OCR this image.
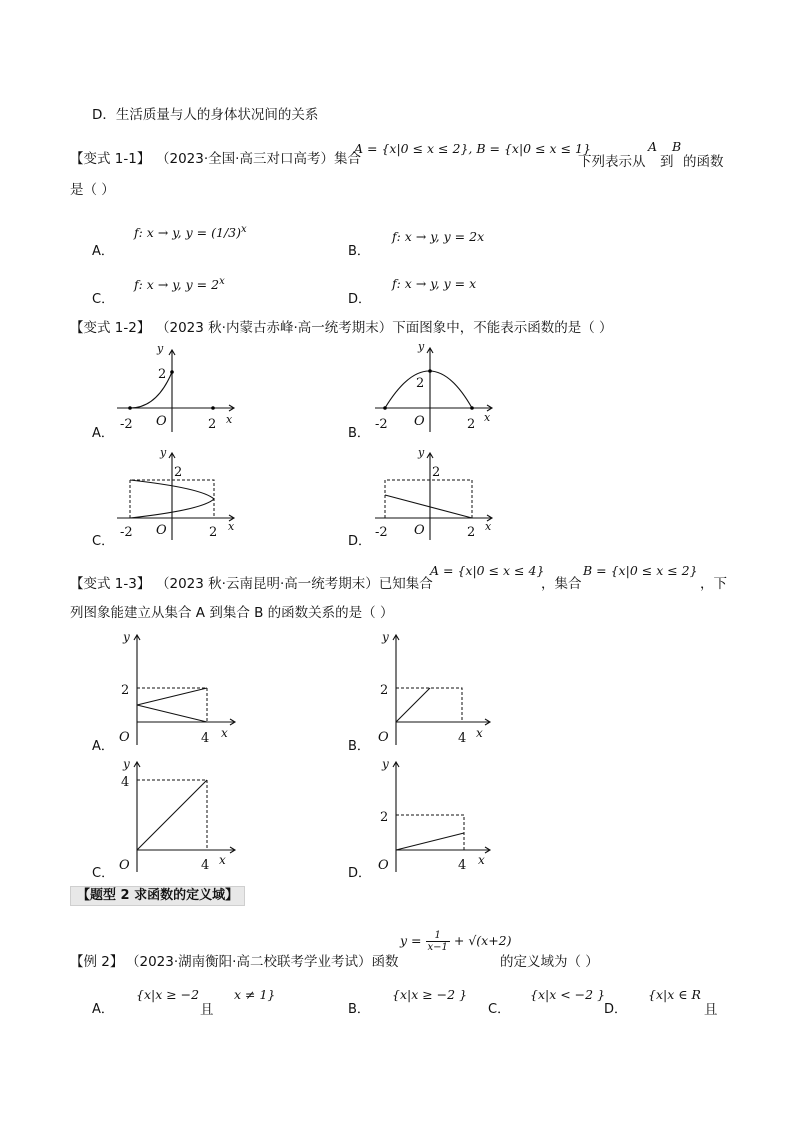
D．生活质量与人的身体状况间的关系
【变式 1-1】 （2023·全国·高三对口高考）集合
A = {x|0 ≤ x ≤ 2}, B = {x|0 ≤ x ≤ 1}
下列表示从
A
到
B
的函数
是（ ）
A．
f: x → y, $y = (1/3)^x$
B．
f: x → y, y = 2x
C．
f: x → y, $y = 2^x$
D．
f: x → y, y = x
【变式 1-2】 （2023 秋·内蒙古赤峰·高一统考期末）下面图象中，不能表示函数的是（ ）
A．
y
2
-2 O	2 x
B．
y
2
-2 O	2 x
C．
y
2
-2 O	2 x
D．
y
2
-2 O	2 x
【变式 1-3】 （2023 秋·云南昆明·高一统考期末）已知集合
A = {x|0 ≤ x ≤ 4}
，集合
B = {x|0 ≤ x ≤ 2}
，下
列图象能建立从集合 A 到集合 B 的函数关系的是（ ）
A．
y
2
O	4 x
B．
y
2
O	4 x
C．
y
4
O	4 x
D．
y
2
O	4 x
【题型 2 求函数的定义域】
【例 2】 （2023·湖南衡阳·高二校联考学业考试）函数
$y = \frac{1}{x-1} + √(x+2)$
的定义域为（ ）
A．
{x|x ≥ −2
且
x ≠ 1}
B．
{x|x ≥ −2 }
C．
{x|x < −2 }
D．
{x|x ∈ R
且
